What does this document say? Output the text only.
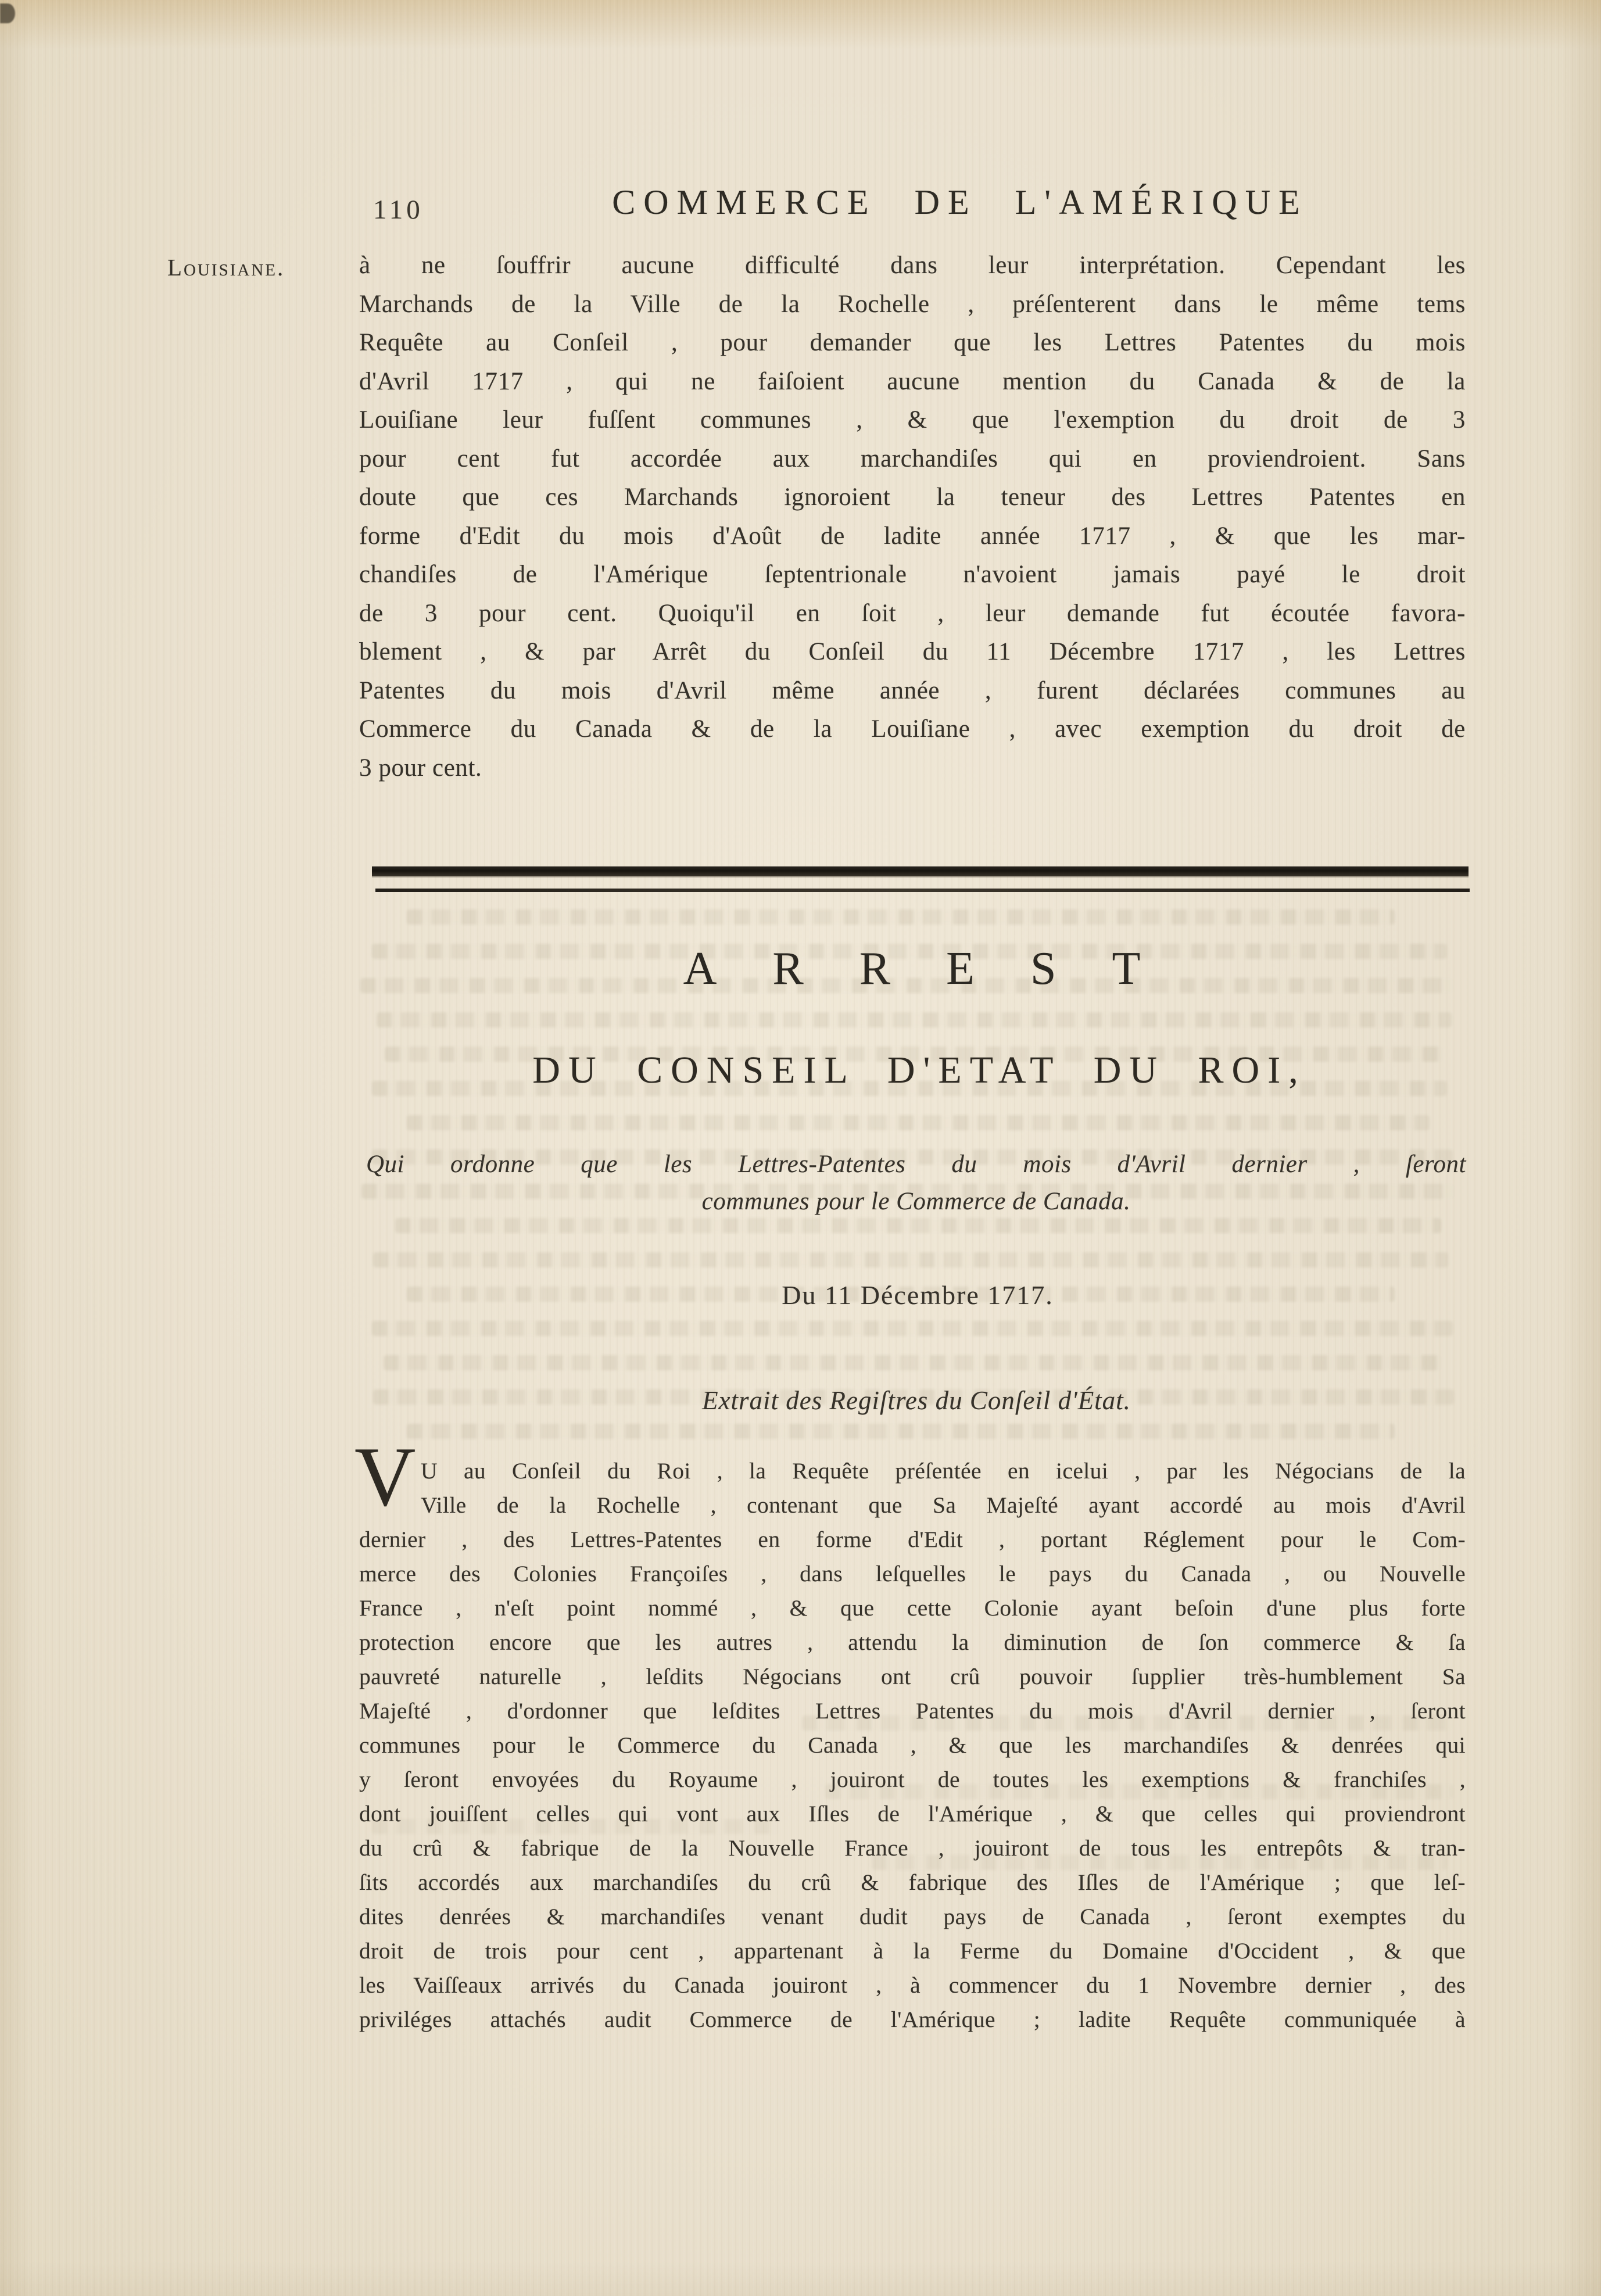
110	COMMERCE DE L'AMÉRIQUE
Louisiane.	à ne ſouffrir aucune difficulté dans leur interprétation. Cependant les
Marchands de la Ville de la Rochelle , préſenterent dans le même tems
Requête au Conſeil , pour demander que les Lettres Patentes du mois
d'Avril 1717 , qui ne faiſoient aucune mention du Canada & de la
Louiſiane leur fuſſent communes , & que l'exemption du droit de 3
pour cent fut accordée aux marchandiſes qui en proviendroient. Sans
doute que ces Marchands ignoroient la teneur des Lettres Patentes en
forme d'Edit du mois d'Août de ladite année 1717 , & que les mar-
chandiſes de l'Amérique ſeptentrionale n'avoient jamais payé le droit
de 3 pour cent. Quoiqu'il en ſoit , leur demande fut écoutée favora-
blement , & par Arrêt du Conſeil du 11 Décembre 1717 , les Lettres
Patentes du mois d'Avril même année , furent déclarées communes au
Commerce du Canada & de la Louiſiane , avec exemption du droit de
3 pour cent.
ARREST
DU CONSEIL D'ETAT DU ROI,
Qui ordonne que les Lettres-Patentes du mois d'Avril dernier , ſeront
communes pour le Commerce de Canada.
Du 11 Décembre 1717.
Extrait des Regiſtres du Conſeil d'État.
V U au Conſeil du Roi , la Requête préſentée en icelui , par les Négocians de la
Ville de la Rochelle , contenant que Sa Majeſté ayant accordé au mois d'Avril
dernier , des Lettres-Patentes en forme d'Edit , portant Réglement pour le Com-
merce des Colonies Françoiſes , dans leſquelles le pays du Canada , ou Nouvelle
France , n'eſt point nommé , & que cette Colonie ayant beſoin d'une plus forte
protection encore que les autres , attendu la diminution de ſon commerce & ſa
pauvreté naturelle , leſdits Négocians ont crû pouvoir ſupplier très-humblement Sa
Majeſté , d'ordonner que leſdites Lettres Patentes du mois d'Avril dernier , ſeront
communes pour le Commerce du Canada , & que les marchandiſes & denrées qui
y ſeront envoyées du Royaume , jouiront de toutes les exemptions & franchiſes ,
dont jouiſſent celles qui vont aux Iſles de l'Amérique , & que celles qui proviendront
du crû & fabrique de la Nouvelle France , jouiront de tous les entrepôts & tran-
ſits accordés aux marchandiſes du crû & fabrique des Iſles de l'Amérique ; que leſ-
dites denrées & marchandiſes venant dudit pays de Canada , ſeront exemptes du
droit de trois pour cent , appartenant à la Ferme du Domaine d'Occident , & que
les Vaiſſeaux arrivés du Canada jouiront , à commencer du 1 Novembre dernier , des
priviléges attachés audit Commerce de l'Amérique ; ladite Requête communiquée à
